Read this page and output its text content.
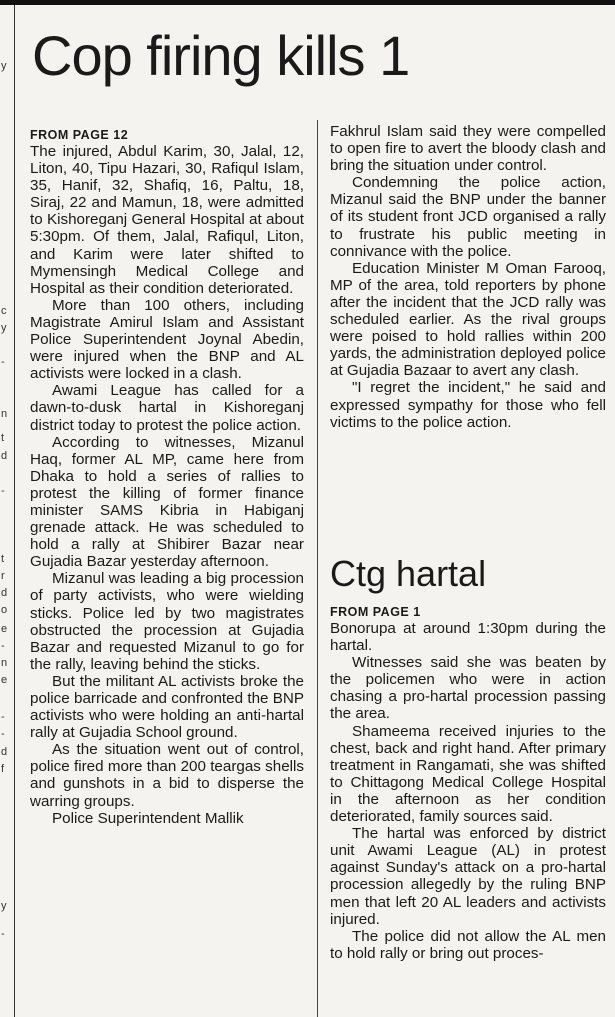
y
c
y
-
n
t
d
-
t
r
d
o
e
-
n
e
-
-
d
f
y
-
Cop firing kills 1
FROM PAGE 12

The injured, Abdul Karim, 30, Jalal, 12, Liton, 40, Tipu Hazari, 30, Rafiqul Islam, 35, Hanif, 32, Shafiq, 16, Paltu, 18, Siraj, 22 and Mamun, 18, were admitted to Kishoreganj General Hospital at about 5:30pm. Of them, Jalal, Rafiqul, Liton, and Karim were later shifted to Mymensingh Medical College and Hospital as their condition deteriorated.

More than 100 others, including Magistrate Amirul Islam and Assistant Police Superintendent Joynal Abedin, were injured when the BNP and AL activists were locked in a clash.

Awami League has called for a dawn-to-dusk hartal in Kishoreganj district today to protest the police action.

According to witnesses, Mizanul Haq, former AL MP, came here from Dhaka to hold a series of rallies to protest the killing of former finance minister SAMS Kibria in Habiganj grenade attack. He was scheduled to hold a rally at Shibirer Bazar near Gujadia Bazar yesterday afternoon.

Mizanul was leading a big procession of party activists, who were wielding sticks. Police led by two magistrates obstructed the procession at Gujadia Bazar and requested Mizanul to go for the rally, leaving behind the sticks.

But the militant AL activists broke the police barricade and confronted the BNP activists who were holding an anti-hartal rally at Gujadia School ground.

As the situation went out of control, police fired more than 200 teargas shells and gunshots in a bid to disperse the warring groups.

Police Superintendent Mallik

Fakhrul Islam said they were compelled to open fire to avert the bloody clash and bring the situation under control.

Condemning the police action, Mizanul said the BNP under the banner of its student front JCD organised a rally to frustrate his public meeting in connivance with the police.

Education Minister M Oman Farooq, MP of the area, told reporters by phone after the incident that the JCD rally was scheduled earlier. As the rival groups were poised to hold rallies within 200 yards, the administration deployed police at Gujadia Bazaar to avert any clash.

"I regret the incident," he said and expressed sympathy for those who fell victims to the police action.

Ctg hartal
FROM PAGE 1

Bonorupa at around 1:30pm during the hartal.

Witnesses said she was beaten by the policemen who were in action chasing a pro-hartal procession passing the area.

Shameema received injuries to the chest, back and right hand. After primary treatment in Rangamati, she was shifted to Chittagong Medical College Hospital in the afternoon as her condition deteriorated, family sources said.

The hartal was enforced by district unit Awami League (AL) in protest against Sunday's attack on a pro-hartal procession allegedly by the ruling BNP men that left 20 AL leaders and activists injured.

The police did not allow the AL men to hold rally or bring out proces-
